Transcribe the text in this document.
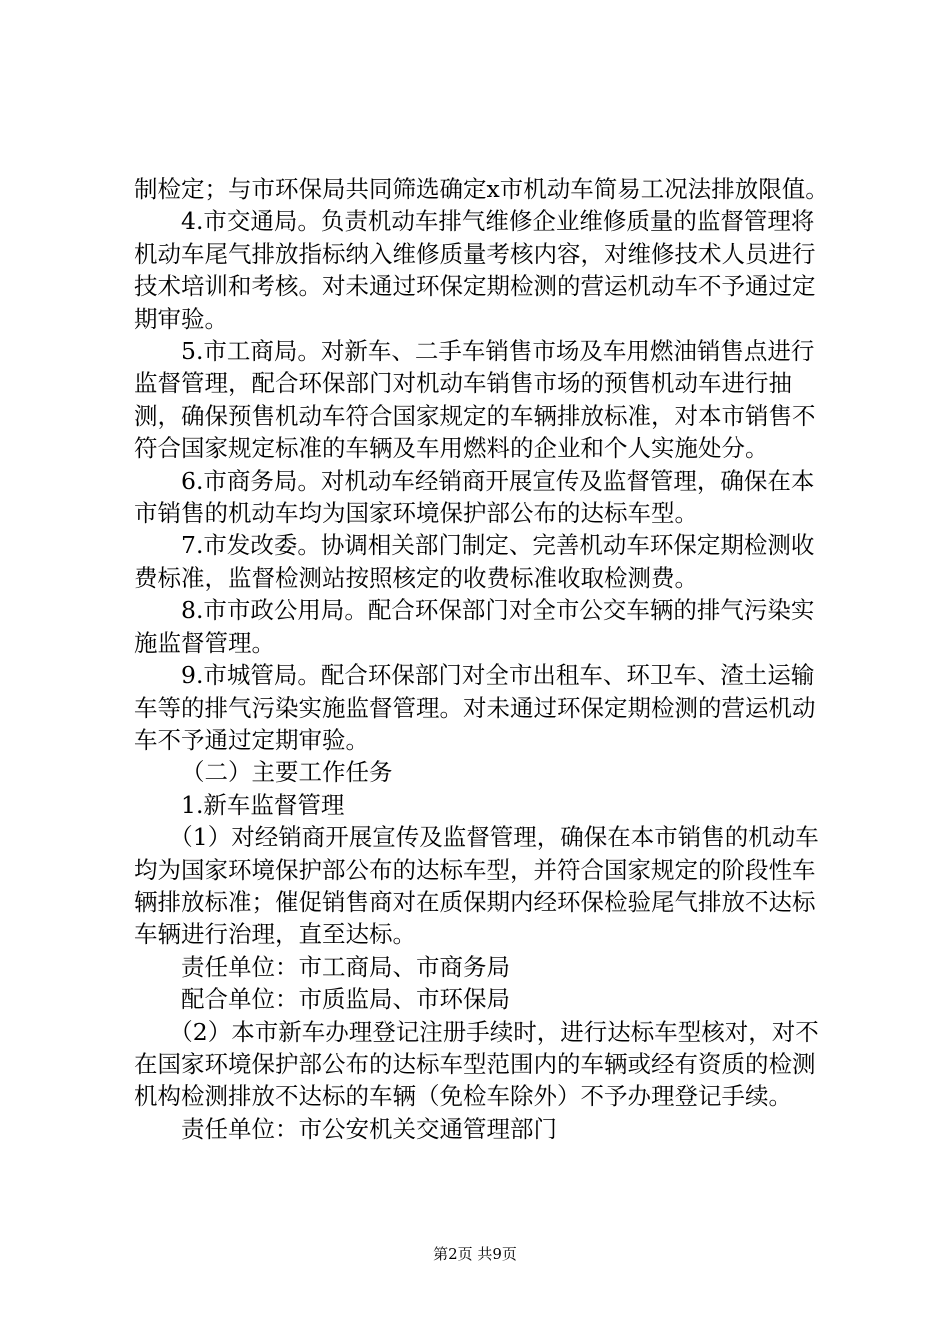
制检定；与市环保局共同筛选确定x市机动车简易工况法排放限值。

4.市交通局。负责机动车排气维修企业维修质量的监督管理将机动车尾气排放指标纳入维修质量考核内容，对维修技术人员进行技术培训和考核。对未通过环保定期检测的营运机动车不予通过定期审验。

5.市工商局。对新车、二手车销售市场及车用燃油销售点进行监督管理，配合环保部门对机动车销售市场的预售机动车进行抽测，确保预售机动车符合国家规定的车辆排放标准，对本市销售不符合国家规定标准的车辆及车用燃料的企业和个人实施处分。

6.市商务局。对机动车经销商开展宣传及监督管理，确保在本市销售的机动车均为国家环境保护部公布的达标车型。

7.市发改委。协调相关部门制定、完善机动车环保定期检测收费标准，监督检测站按照核定的收费标准收取检测费。

8.市市政公用局。配合环保部门对全市公交车辆的排气污染实施监督管理。

9.市城管局。配合环保部门对全市出租车、环卫车、渣土运输车等的排气污染实施监督管理。对未通过环保定期检测的营运机动车不予通过定期审验。

（二）主要工作任务

1.新车监督管理

（1）对经销商开展宣传及监督管理，确保在本市销售的机动车均为国家环境保护部公布的达标车型，并符合国家规定的阶段性车辆排放标准；催促销售商对在质保期内经环保检验尾气排放不达标车辆进行治理，直至达标。

责任单位：市工商局、市商务局

配合单位：市质监局、市环保局

（2）本市新车办理登记注册手续时，进行达标车型核对，对不在国家环境保护部公布的达标车型范围内的车辆或经有资质的检测机构检测排放不达标的车辆（免检车除外）不予办理登记手续。

责任单位：市公安机关交通管理部门

第2页 共9页
